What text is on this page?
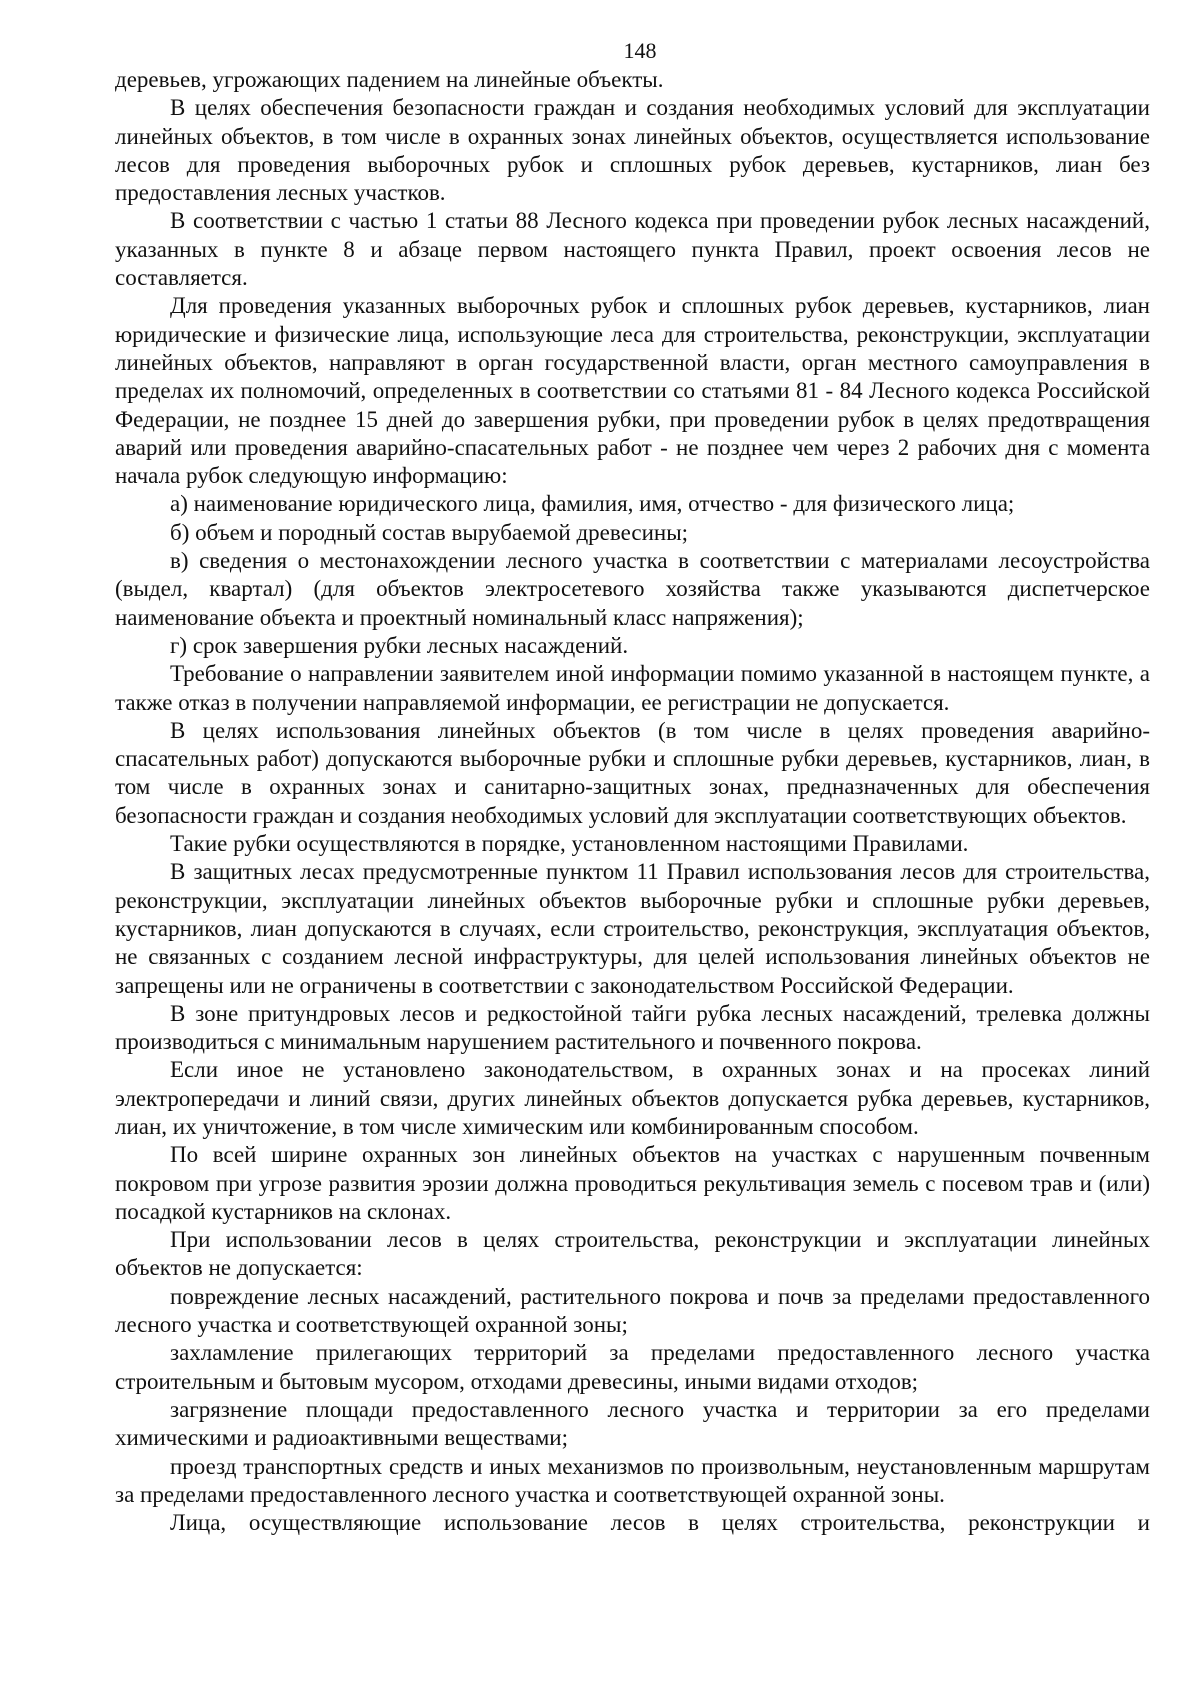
148

деревьев, угрожающих падением на линейные объекты.

В целях обеспечения безопасности граждан и создания необходимых условий для эксплуатации линейных объектов, в том числе в охранных зонах линейных объектов, осуществляется использование лесов для проведения выборочных рубок и сплошных рубок деревьев, кустарников, лиан без предоставления лесных участков.

В соответствии с частью 1 статьи 88 Лесного кодекса при проведении рубок лесных насаждений, указанных в пункте 8 и абзаце первом настоящего пункта Правил, проект освоения лесов не составляется.

Для проведения указанных выборочных рубок и сплошных рубок деревьев, кустарников, лиан юридические и физические лица, использующие леса для строительства, реконструкции, эксплуатации линейных объектов, направляют в орган государственной власти, орган местного самоуправления в пределах их полномочий, определенных в соответствии со статьями 81 - 84 Лесного кодекса Российской Федерации, не позднее 15 дней до завершения рубки, при проведении рубок в целях предотвращения аварий или проведения аварийно-спасательных работ - не позднее чем через 2 рабочих дня с момента начала рубок следующую информацию:

а) наименование юридического лица, фамилия, имя, отчество - для физического лица;

б) объем и породный состав вырубаемой древесины;

в) сведения о местонахождении лесного участка в соответствии с материалами лесоустройства (выдел, квартал) (для объектов электросетевого хозяйства также указываются диспетчерское наименование объекта и проектный номинальный класс напряжения);

г) срок завершения рубки лесных насаждений.

Требование о направлении заявителем иной информации помимо указанной в настоящем пункте, а также отказ в получении направляемой информации, ее регистрации не допускается.

В целях использования линейных объектов (в том числе в целях проведения аварийно-спасательных работ) допускаются выборочные рубки и сплошные рубки деревьев, кустарников, лиан, в том числе в охранных зонах и санитарно-защитных зонах, предназначенных для обеспечения безопасности граждан и создания необходимых условий для эксплуатации соответствующих объектов.

Такие рубки осуществляются в порядке, установленном настоящими Правилами.

В защитных лесах предусмотренные пунктом 11 Правил использования лесов для строительства, реконструкции, эксплуатации линейных объектов выборочные рубки и сплошные рубки деревьев, кустарников, лиан допускаются в случаях, если строительство, реконструкция, эксплуатация объектов, не связанных с созданием лесной инфраструктуры, для целей использования линейных объектов не запрещены или не ограничены в соответствии с законодательством Российской Федерации.

В зоне притундровых лесов и редкостойной тайги рубка лесных насаждений, трелевка должны производиться с минимальным нарушением растительного и почвенного покрова.

Если иное не установлено законодательством, в охранных зонах и на просеках линий электропередачи и линий связи, других линейных объектов допускается рубка деревьев, кустарников, лиан, их уничтожение, в том числе химическим или комбинированным способом.

По всей ширине охранных зон линейных объектов на участках с нарушенным почвенным покровом при угрозе развития эрозии должна проводиться рекультивация земель с посевом трав и (или) посадкой кустарников на склонах.

При использовании лесов в целях строительства, реконструкции и эксплуатации линейных объектов не допускается:

повреждение лесных насаждений, растительного покрова и почв за пределами предоставленного лесного участка и соответствующей охранной зоны;

захламление прилегающих территорий за пределами предоставленного лесного участка строительным и бытовым мусором, отходами древесины, иными видами отходов;

загрязнение площади предоставленного лесного участка и территории за его пределами химическими и радиоактивными веществами;

проезд транспортных средств и иных механизмов по произвольным, неустановленным маршрутам за пределами предоставленного лесного участка и соответствующей охранной зоны.

Лица, осуществляющие использование лесов в целях строительства, реконструкции и
